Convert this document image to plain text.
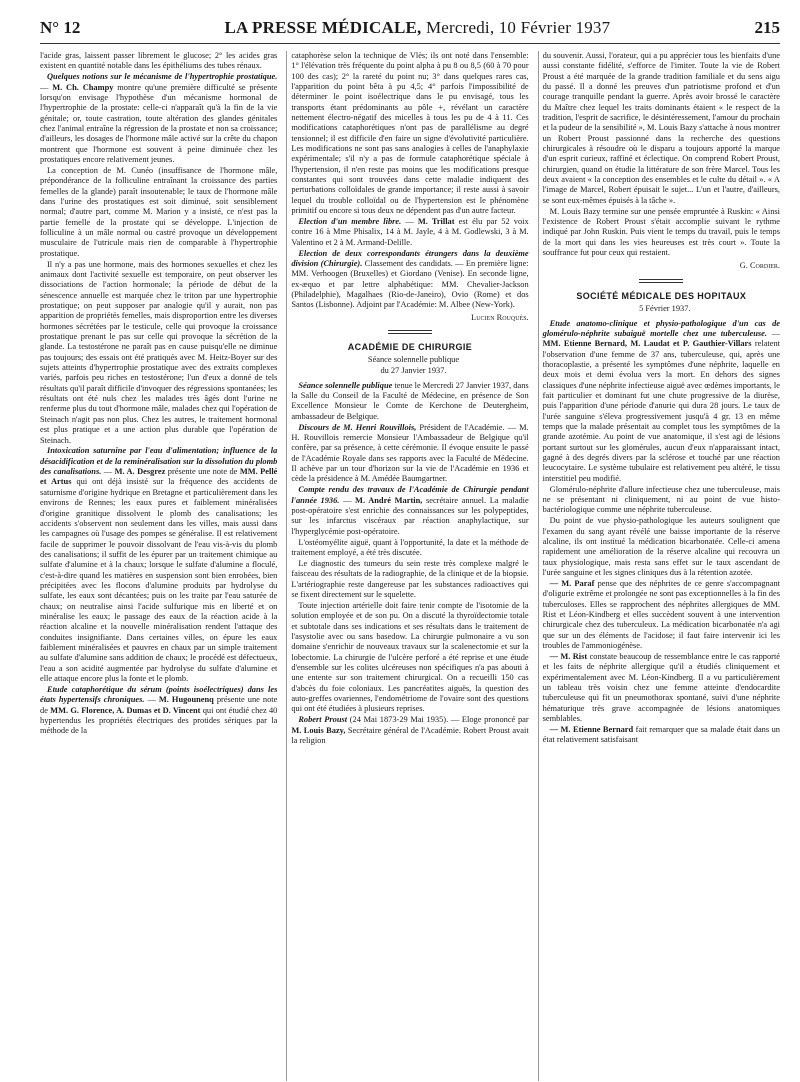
N° 12	LA PRESSE MÉDICALE, Mercredi, 10 Février 1937	215

l'acide gras, laissent passer librement le glucose; 2° les acides gras existent en quantité notable dans les épithéliums des tubes rénaux.

Quelques notions sur le mécanisme de l'hypertrophie prostatique. — M. Ch. Champy montre qu'une première difficulté se présente lorsqu'on envisage l'hypothèse d'un mécanisme hormonal de l'hypertrophie de la prostate: celle-ci n'apparaît qu'à la fin de la vie génitale; or, toute castration, toute altération des glandes génitales chez l'animal entraîne la régression de la prostate et non sa croissance; d'ailleurs, les dosages de l'hormone mâle activé sur la crête du chapon montrent que l'hormone est souvent à peine diminuée chez les prostatiques encore relativement jeunes.

La conception de M. Cunéo (insuffisance de l'hormone mâle, prépondérance de la folliculine entraînant la croissance des parties femelles de la glande) paraît insoutenable; le taux de l'hormone mâle dans l'urine des prostatiques est soit diminué, soit sensiblement normal; d'autre part, comme M. Marion y a insisté, ce n'est pas la partie femelle de la prostate qui se développe. L'injection de folliculine à un mâle normal ou castré provoque un développement musculaire de l'utricule mais rien de comparable à l'hypertrophie prostatique.

Il n'y a pas une hormone, mais des hormones sexuelles et chez les animaux dont l'activité sexuelle est temporaire, on peut observer les dissociations de l'action hormonale; la période de début de la sénescence annuelle est marquée chez le triton par une hypertrophie prostatique; on peut supposer par analogie qu'il y aurait, non pas apparition de propriétés femelles, mais disproportion entre les diverses hormones sécrétées par le testicule, celle qui provoque la croissance prostatique prenant le pas sur celle qui provoque la sécrétion de la glande. La testostérone ne paraît pas en cause puisqu'elle ne diminue pas toujours; des essais ont été pratiqués avec M. Heitz-Boyer sur des sujets atteints d'hypertrophie prostatique avec des extraits complexes variés, parfois peu riches en testostérone; l'un d'eux a donné de tels résultats qu'il paraît difficile d'invoquer des régressions spontanées; les résultats ont été nuls chez les malades très âgés dont l'urine ne renferme plus du tout d'hormone mâle, malades chez qui l'opération de Steinach n'agit pas non plus. Chez les autres, le traitement hormonal est plus pratique et a une action plus durable que l'opération de Steinach.

Intoxication saturnine par l'eau d'alimentation; influence de la désacidification et de la reminéralisation sur la dissolution du plomb des canalisations. — M. A. Desgrez présente une note de MM. Pellé et Artus qui ont déjà insisté sur la fréquence des accidents de saturnisme d'origine hydrique en Bretagne et particulièrement dans les environs de Rennes; les eaux pures et faiblement minéralisées d'origine granitique dissolvent le plomb des canalisations; les accidents s'observent non seulement dans les villes, mais aussi dans les campagnes où l'usage des pompes se généralise. Il est relativement facile de supprimer le pouvoir dissolvant de l'eau vis-à-vis du plomb des canalisations; il suffit de les épurer par un traitement chimique au sulfate d'alumine et à la chaux; lorsque le sulfate d'alumine a floculé, c'est-à-dire quand les matières en suspension sont bien enrobées, bien précipitées avec les flocons d'alumine produits par hydrolyse du sulfate, les eaux sont décantées; puis on les traite par l'eau saturée de chaux; on neutralise ainsi l'acide sulfurique mis en liberté et on minéralise les eaux; le passage des eaux de la réaction acide à la réaction alcaline et la nouvelle minéralisation rendent l'attaque des conduites insignifiante. Dans certaines villes, on épure les eaux faiblement minéralisées et pauvres en chaux par un simple traitement au sulfate d'alumine sans addition de chaux; le procédé est défectueux, l'eau a son acidité augmentée par hydrolyse du sulfate d'alumine et elle attaque encore plus la fonte et le plomb.

Etude cataphorétique du sérum (points isoélectriques) dans les états hypertensifs chroniques. — M. Hugounenq présente une note de MM. G. Florence, A. Dumas et D. Vincent qui ont étudié chez 40 hypertendus les propriétés électriques des protides sériques par la méthode de la

cataphorèse selon la technique de Vlès; ils ont noté dans l'ensemble: 1° l'élévation très fréquente du point alpha à pu 8 ou 8,5 (60 à 70 pour 100 des cas); 2° la rareté du point nu; 3° dans quelques rares cas, l'apparition du point bêta à pu 4,5; 4° parfois l'impossibilité de déterminer le point isoélectrique dans le pu envisagé, tous les transports étant prédominants au pôle +, révélant un caractère nettement électro-négatif des micelles à tous les pu de 4 à 11. Ces modifications cataphorétiques n'ont pas de parallélisme au degré tensionnel; il est difficile d'en faire un signe d'évolutivité particulière. Les modifications ne sont pas sans analogies à celles de l'anaphylaxie expérimentale; s'il n'y a pas de formule cataphorétique spéciale à l'hypertension, il n'en reste pas moins que les modifications presque constantes qui sont trouvées dans cette maladie indiquent des perturbations colloïdales de grande importance; il reste aussi à savoir lequel du trouble colloïdal ou de l'hypertension est le phénomène primitif ou encore si tous deux ne dépendent pas d'un autre facteur.

Election d'un membre libre. — M. Trillat est élu par 52 voix contre 16 à Mme Phisalix, 14 à M. Jayle, 4 à M. Godlewski, 3 à M. Valentino et 2 à M. Armand-Delille.

Election de deux correspondants étrangers dans la deuxième division (Chirurgie). Classement des candidats. — En première ligne: MM. Verhoogen (Bruxelles) et Giordano (Venise). En seconde ligne, ex-æquo et par lettre alphabétique: MM. Chevalier-Jackson (Philadelphie), Magalhaes (Rio-de-Janeiro), Ovio (Rome) et dos Santos (Lisbonne). Adjoint par l'Académie: M. Albee (New-York).

Lucien Rouquès.
ACADÉMIE DE CHIRURGIE

Séance solennelle publique

du 27 Janvier 1937.

Séance solennelle publique tenue le Mercredi 27 Janvier 1937, dans la Salle du Conseil de la Faculté de Médecine, en présence de Son Excellence Monsieur le Comte de Kerchone de Deutergheim, ambassadeur de Belgique.

Discours de M. Henri Rouvillois, Président de l'Académie. — M. H. Rouvillois remercie Monsieur l'Ambassadeur de Belgique qu'il confère, par sa présence, à cette cérémonie. Il évoque ensuite le passé de l'Académie Royale dans ses rapports avec la Faculté de Médecine. Il achève par un tour d'horizon sur la vie de l'Académie en 1936 et cède la présidence à M. Amédée Baumgartner.

Compte rendu des travaux de l'Académie de Chirurgie pendant l'année 1936. — M. André Martin, secrétaire annuel. La maladie post-opératoire s'est enrichie des connaissances sur les polypeptides, sur les infarctus viscéraux par réaction anaphylactique, sur l'hyperglycémie post-opératoire.

L'ostéomyélite aiguë, quant à l'opportunité, la date et la méthode de traitement employé, a été très discutée.

Le diagnostic des tumeurs du sein reste très complexe malgré le faisceau des résultats de la radiographie, de la clinique et de la biopsie. L'artériographie reste dangereuse par les substances radioactives qui se fixent directement sur le squelette.

Toute injection artérielle doit faire tenir compte de l'isotomie de la solution employée et de son pu. On a discuté la thyroïdectomie totale et subtotale dans ses indications et ses résultats dans le traitement de l'asystolie avec ou sans basedow. La chirurgie pulmonaire a vu son domaine s'enrichir de nouveaux travaux sur la scalenectomie et sur la lobectomie. La chirurgie de l'ulcère perforé a été reprise et une étude d'ensemble sur les colites ulcéreuses non spécifiques n'a pas abouti à une entente sur son traitement chirurgical. On a recueilli 150 cas d'abcès du foie coloniaux. Les pancréatites aiguës, la question des auto-greffes ovariennes, l'endométriome de l'ovaire sont des questions qui ont été étudiées à plusieurs reprises.

Robert Proust (24 Mai 1873-29 Mai 1935). — Eloge prononcé par M. Louis Bazy, Secrétaire général de l'Académie. Robert Proust avait la religion

du souvenir. Aussi, l'orateur, qui a pu apprécier tous les bienfaits d'une aussi constante fidélité, s'efforce de l'imiter. Toute la vie de Robert Proust a été marquée de la grande tradition familiale et du sens aigu du passé. Il a donné les preuves d'un patriotisme profond et d'un courage tranquille pendant la guerre. Après avoir brossé le caractère du Maître chez lequel les traits dominants étaient « le respect de la tradition, l'esprit de sacrifice, le désintéressement, l'amour du prochain et la pudeur de la sensibilité », M. Louis Bazy s'attache à nous montrer un Robert Proust passionné dans la recherche des questions chirurgicales à résoudre où le disparu a toujours apporté la marque d'un esprit curieux, raffiné et éclectique. On comprend Robert Proust, chirurgien, quand on étudie la littérature de son frère Marcel. Tous les deux avaient « la conception des ensembles et le culte du détail ». « A l'image de Marcel, Robert épuisait le sujet... L'un et l'autre, d'ailleurs, se sont eux-mêmes épuisés à la tâche ».

M. Louis Bazy termine sur une pensée empruntée à Ruskin: « Ainsi l'existence de Robert Proust s'était accomplie suivant le rythme indiqué par John Ruskin. Puis vient le temps du travail, puis le temps de la mort qui dans les vies heureuses est très court ». Toute la souffrance fut pour ceux qui restaient.

G. Cordier.
SOCIÉTÉ MÉDICALE DES HOPITAUX

5 Février 1937.

Etude anatomo-clinique et physio-pathologique d'un cas de glomérulo-néphrite subaiguë mortelle chez une tuberculeuse. — MM. Etienne Bernard, M. Laudat et P. Gauthier-Villars relatent l'observation d'une femme de 37 ans, tuberculeuse, qui, après une thoracoplastie, a présenté les symptômes d'une néphrite, laquelle en deux mois et demi évolua vers la mort. En dehors des signes classiques d'une néphrite infectieuse aiguë avec œdèmes importants, le fait particulier et dominant fut une chute progressive de la diurèse, puis l'apparition d'une période d'anurie qui dura 28 jours. Le taux de l'urée sanguine s'éleva progressivement jusqu'à 4 gr. 13 en même temps que la malade présentait au complet tous les symptômes de la grande azotémie. Au point de vue anatomique, il s'est agi de lésions portant surtout sur les glomérules, aucun d'eux n'apparaissant intact, gagné à des degrés divers par la sclérose et touché par une réaction leucocytaire. Le système tubulaire est relativement peu altéré, le tissu interstitiel peu modifié.

Glomérulo-néphrite d'allure infectieuse chez une tuberculeuse, mais ne se présentant ni cliniquement, ni au point de vue histo-bactériologique comme une néphrite tuberculeuse.

Du point de vue physio-pathologique les auteurs soulignent que l'examen du sang ayant révélé une baisse importante de la réserve alcaline, ils ont institué la médication bicarbonatée. Celle-ci amena rapidement une amélioration de la réserve alcaline qui recouvra un taux physiologique, mais resta sans effet sur le taux ascendant de l'urée sanguine et les signes cliniques dus à la rétention azotée.

— M. Paraf pense que des néphrites de ce genre s'accompagnant d'oligurie extrême et prolongée ne sont pas exceptionnelles à la fin des tuberculoses. Elles se rapprochent des néphrites allergiques de MM. Rist et Léon-Kindberg et elles succèdent souvent à une intervention chirurgicale chez des tuberculeux. La médication bicarbonatée n'a agi que sur un des éléments de l'acidose; il faut faire intervenir ici les troubles de l'ammoniogénèse.

— M. Rist constate beaucoup de ressemblance entre le cas rapporté et les faits de néphrite allergique qu'il a étudiés cliniquement et expérimentalement avec M. Léon-Kindberg. Il a vu particulièrement un tableau très voisin chez une femme atteinte d'endocardite tuberculeuse qui fit un pneumothorax spontané, suivi d'une néphrite hématurique très grave accompagnée de lésions anatomiques semblables.

— M. Etienne Bernard fait remarquer que sa malade était dans un état relativement satisfaisant
